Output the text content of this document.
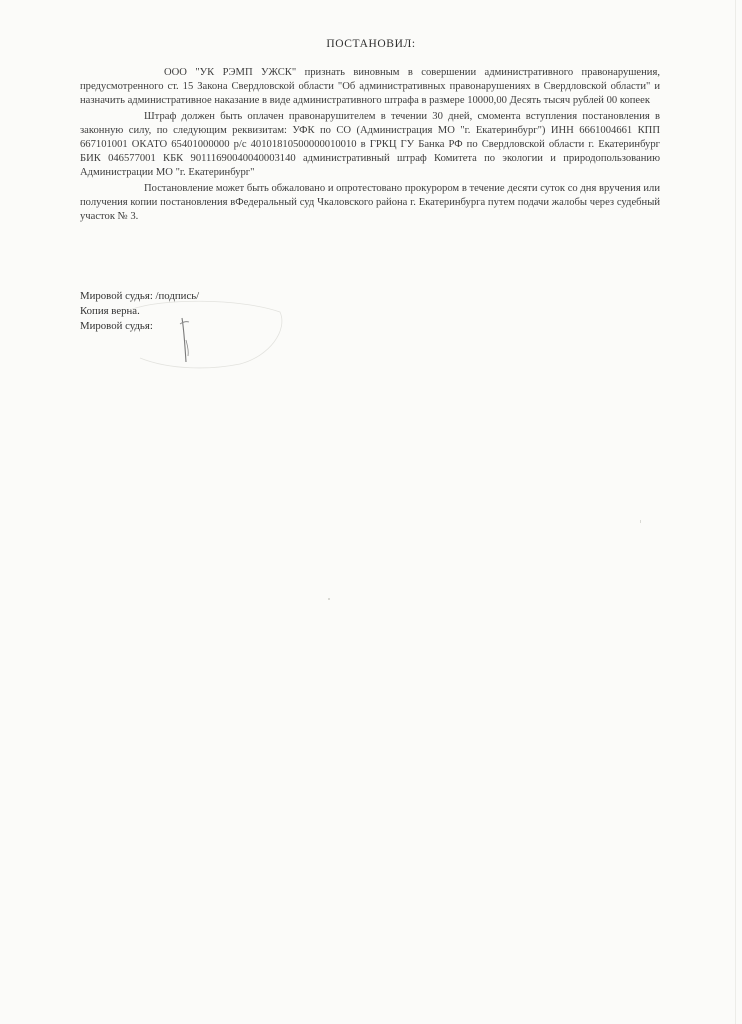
ПОСТАНОВИЛ:

ООО "УК РЭМП УЖСК" признать виновным в совершении административного правонарушения, предусмотренного ст. 15 Закона Свердловской области "Об административных правонарушениях в Свердловской области" и назначить административное наказание в виде административного штрафа в размере 10000,00 Десять тысяч рублей 00 копеек

Штраф должен быть оплачен правонарушителем в течении 30 дней, смомента вступления постановления в законную силу, по следующим реквизитам: УФК по СО (Администрация МО "г. Екатеринбург") ИНН 6661004661 КПП 667101001 ОКАТО 65401000000 р/с 40101810500000010010 в ГРКЦ ГУ Банка РФ по Свердловской области г. Екатеринбург БИК 046577001 КБК 90111690040040003140 административный штраф Комитета по экологии и природопользованию Администрации МО "г. Екатеринбург"

Постановление может быть обжаловано и опротестовано прокурором в течение десяти суток со дня вручения или получения копии постановления вФедеральный суд Чкаловского района г. Екатеринбурга путем подачи жалобы через судебный участок № 3.

Мировой судья: /подпись/
Копия верна.
Мировой судья:
